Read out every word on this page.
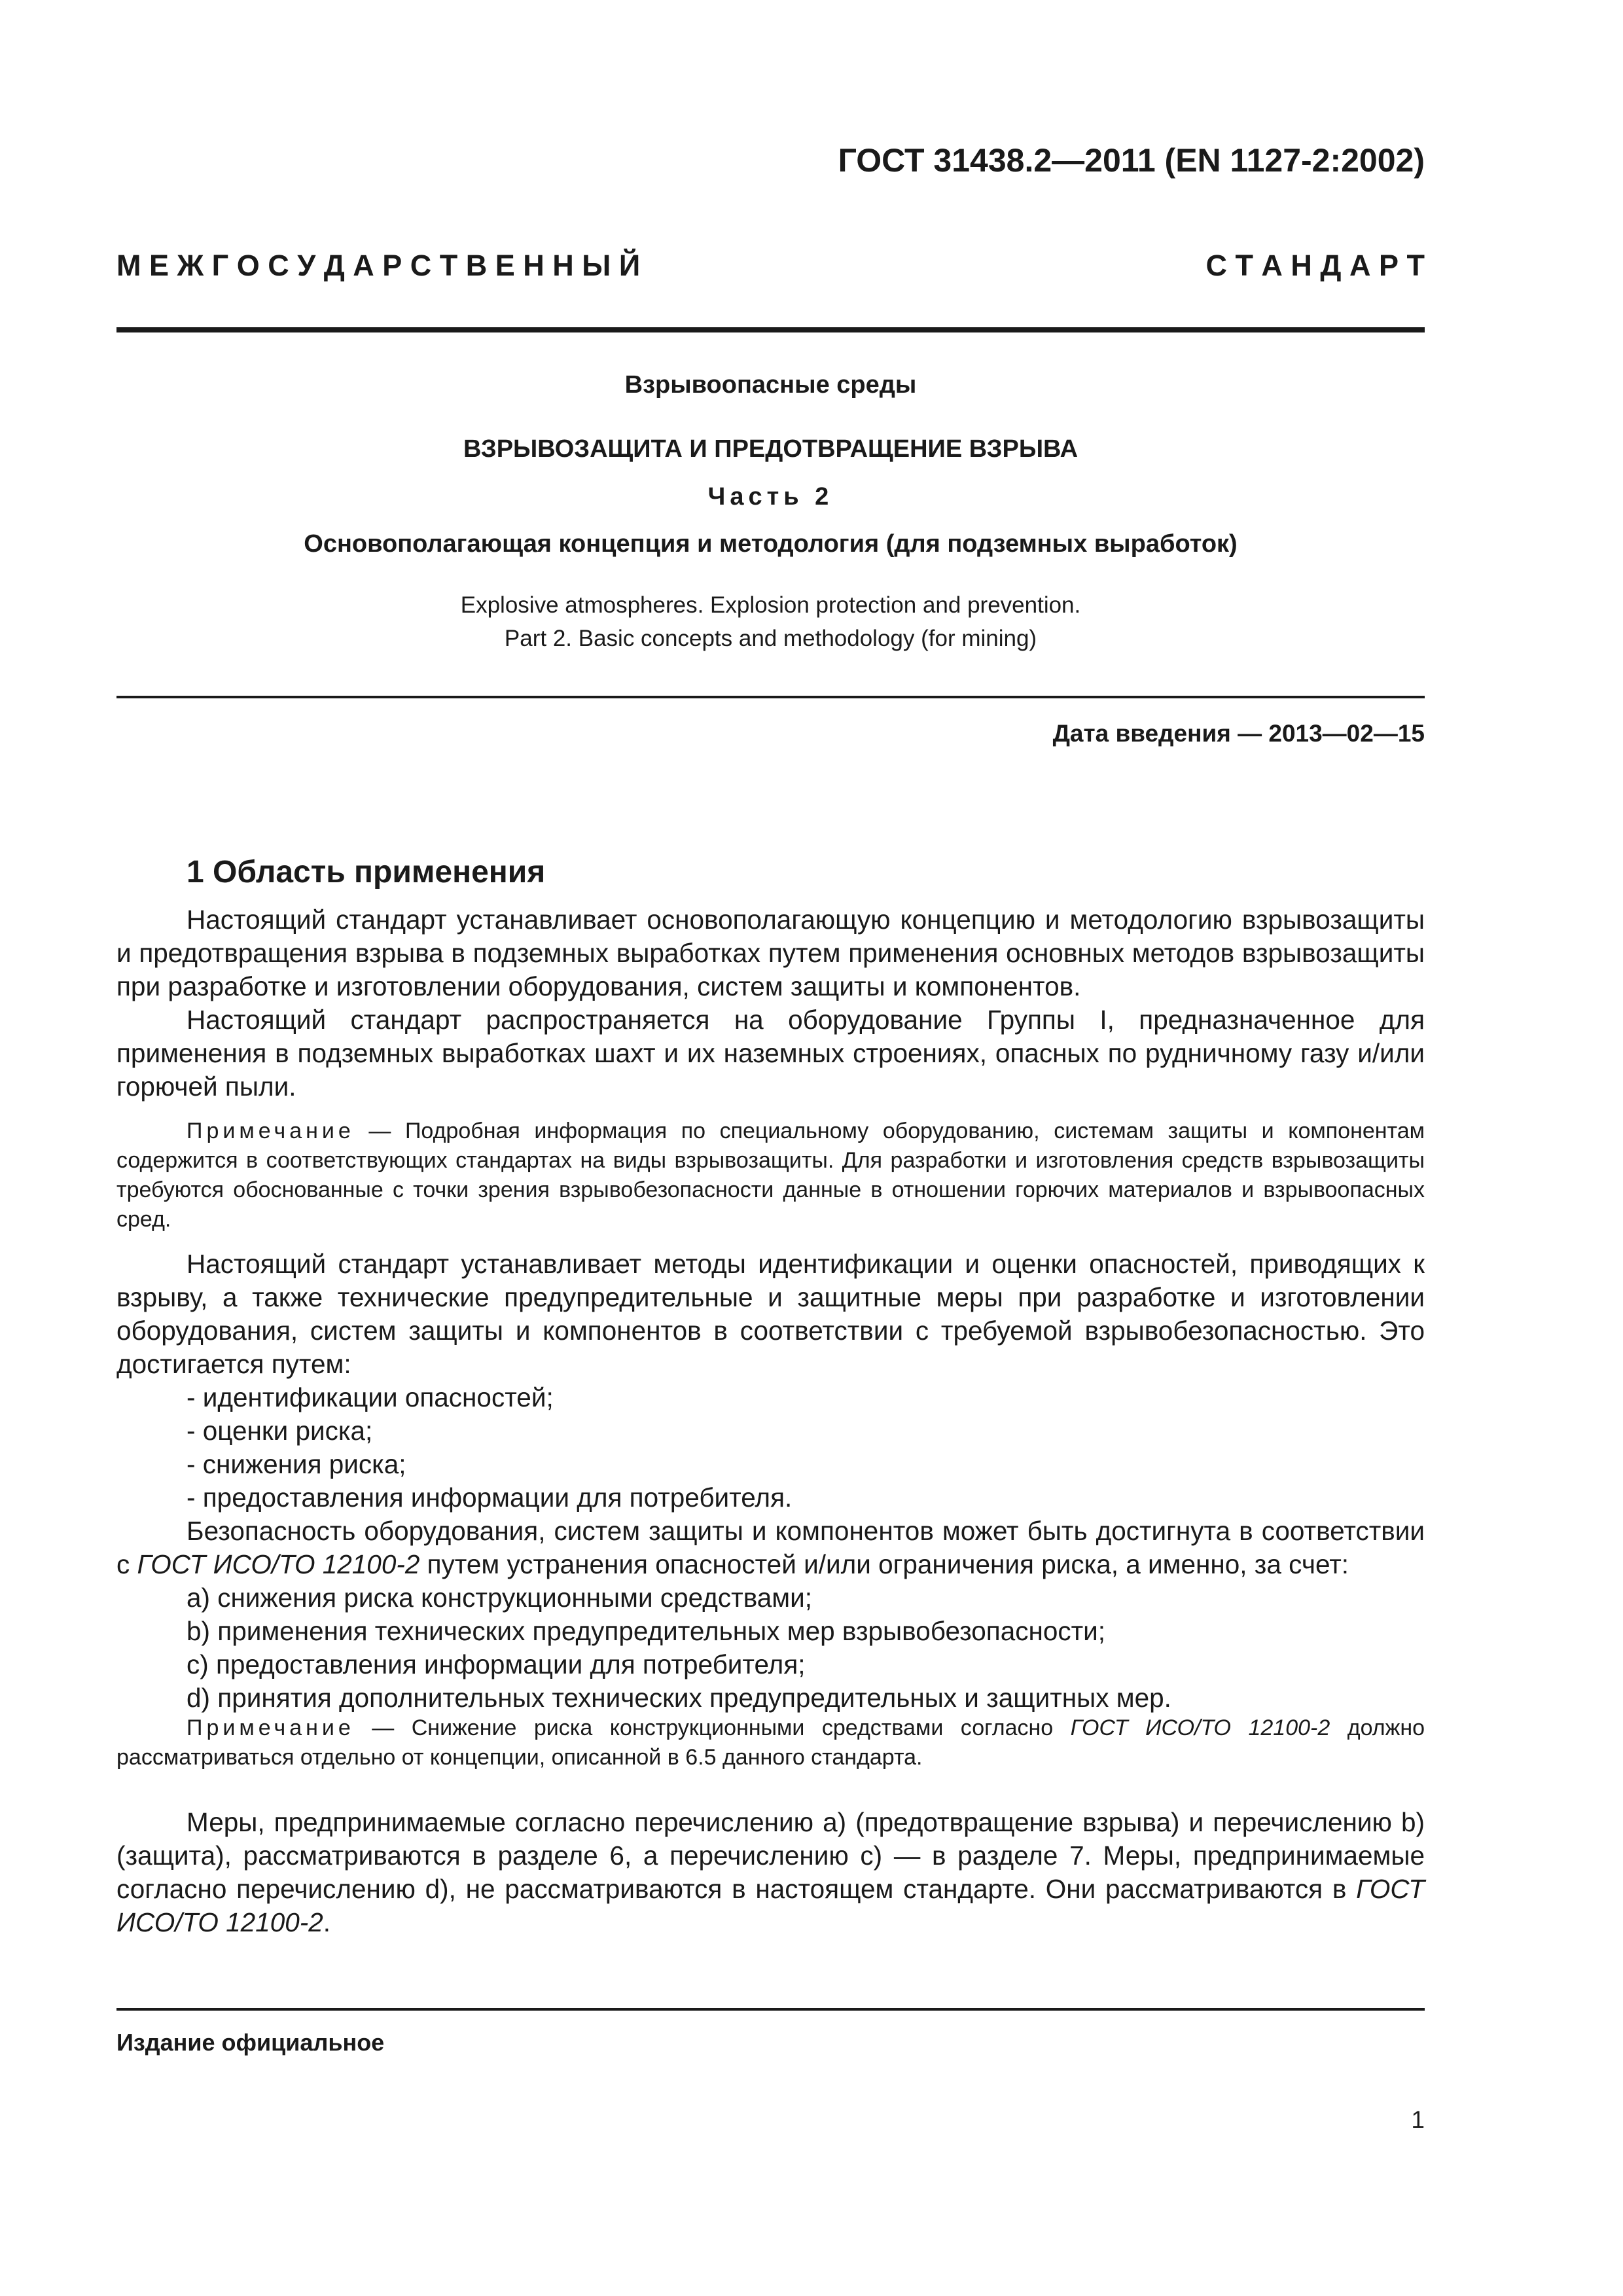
ГОСТ 31438.2—2011 (EN 1127-2:2002)
М Е Ж Г О С У Д А Р С Т В Е Н Н Ы Й	С Т А Н Д А Р Т
Взрывоопасные среды
ВЗРЫВОЗАЩИТА И ПРЕДОТВРАЩЕНИЕ ВЗРЫВА
Часть 2
Основополагающая концепция и методология (для подземных выработок)
Explosive atmospheres. Explosion protection and prevention.
Part 2. Basic concepts and methodology (for mining)
Дата введения — 2013—02—15
1 Область применения

Настоящий стандарт устанавливает основополагающую концепцию и методологию взрывозащиты и предотвращения взрыва в подземных выработках путем применения основных методов взрывозащиты при разработке и изготовлении оборудования, систем защиты и компонентов.

Настоящий стандарт распространяется на оборудование Группы I, предназначенное для применения в подземных выработках шахт и их наземных строениях, опасных по рудничному газу и/или горючей пыли.

Примечание — Подробная информация по специальному оборудованию, системам защиты и компонентам содержится в соответствующих стандартах на виды взрывозащиты. Для разработки и изготовления средств взрывозащиты требуются обоснованные с точки зрения взрывобезопасности данные в отношении горючих материалов и взрывоопасных сред.

Настоящий стандарт устанавливает методы идентификации и оценки опасностей, приводящих к взрыву, а также технические предупредительные и защитные меры при разработке и изготовлении оборудования, систем защиты и компонентов в соответствии с требуемой взрывобезопасностью. Это достигается путем:

- идентификации опасностей;

- оценки риска;

- снижения риска;

- предоставления информации для потребителя.

Безопасность оборудования, систем защиты и компонентов может быть достигнута в соответствии с ГОСТ ИСО/ТО 12100-2 путем устранения опасностей и/или ограничения риска, а именно, за счет:

a) снижения риска конструкционными средствами;

b) применения технических предупредительных мер взрывобезопасности;

c) предоставления информации для потребителя;

d) принятия дополнительных технических предупредительных и защитных мер.

Примечание — Снижение риска конструкционными средствами согласно ГОСТ ИСО/ТО 12100-2 должно рассматриваться отдельно от концепции, описанной в 6.5 данного стандарта.

Меры, предпринимаемые согласно перечислению a) (предотвращение взрыва) и перечислению b) (защита), рассматриваются в разделе 6, а перечислению c) — в разделе 7. Меры, предпринимаемые согласно перечислению d), не рассматриваются в настоящем стандарте. Они рассматриваются в ГОСТ ИСО/ТО 12100-2.

Издание официальное
1
